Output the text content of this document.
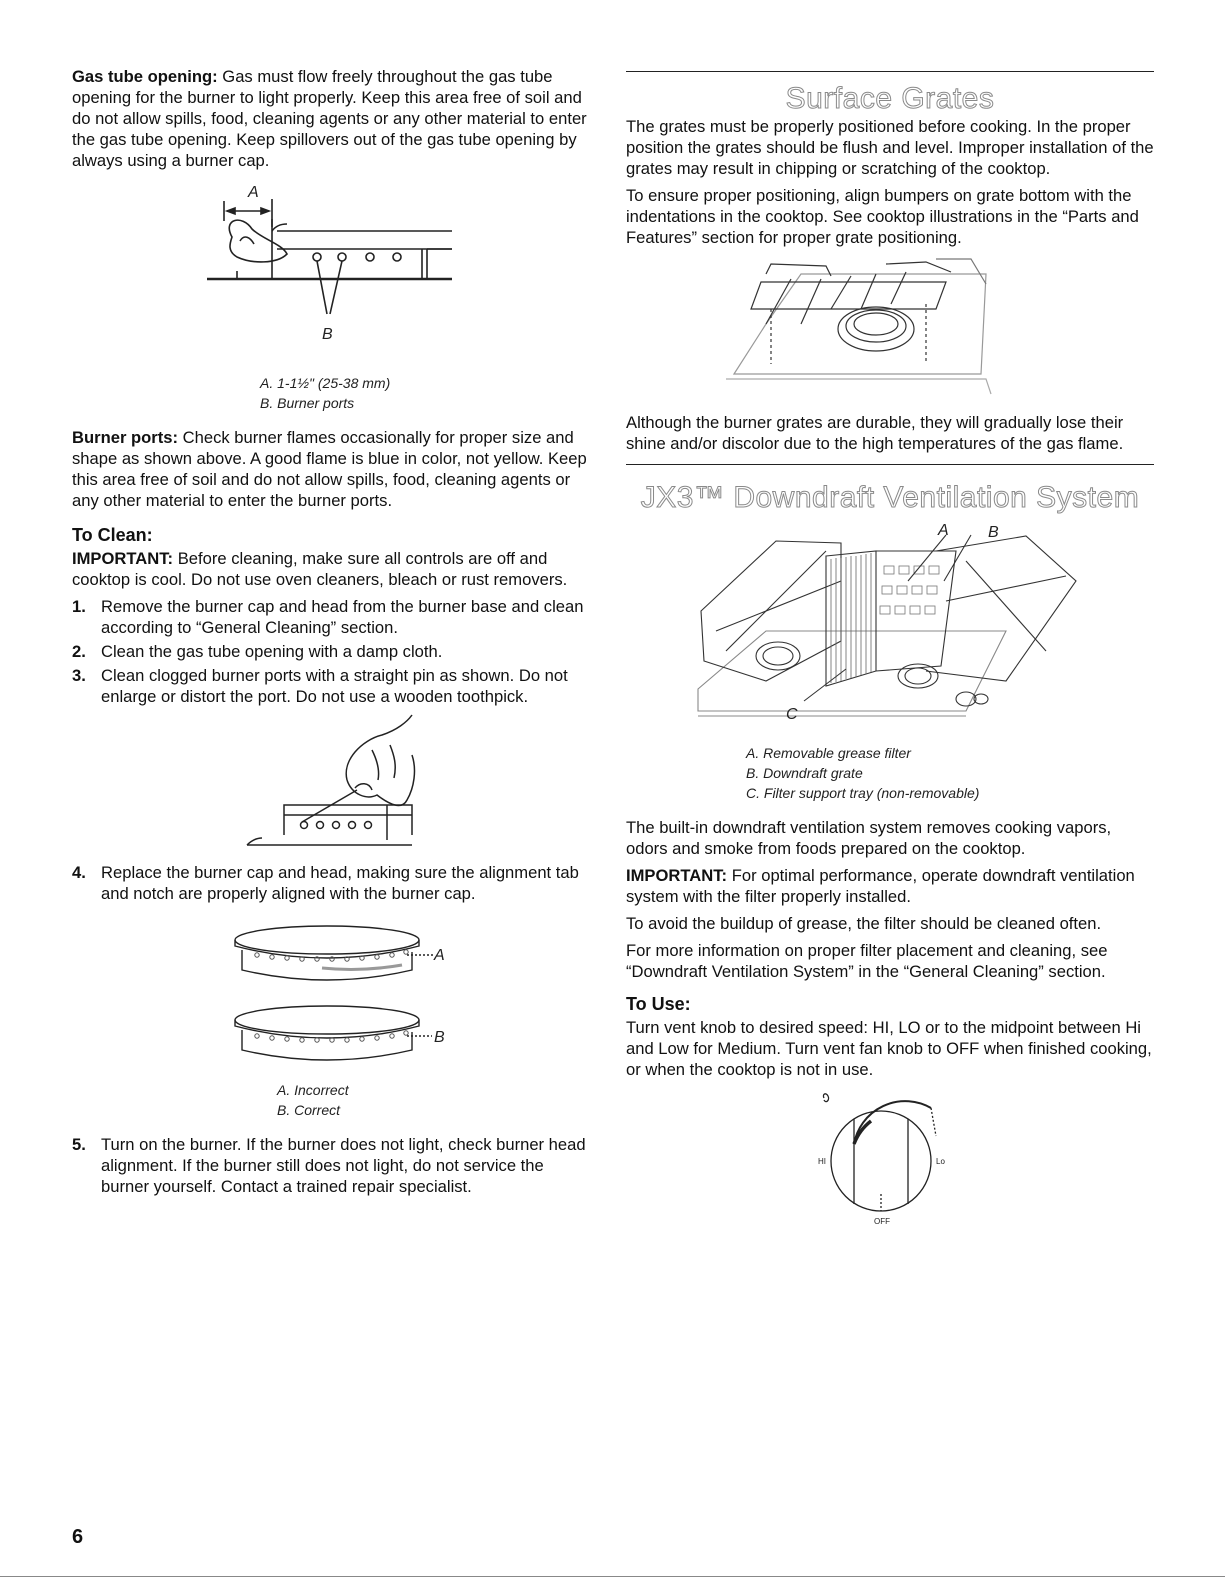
Gas tube opening: Gas must flow freely throughout the gas tube opening for the burner to light properly. Keep this area free of soil and do not allow spills, food, cleaning agents or any other material to enter the gas tube opening. Keep spillovers out of the gas tube opening by always using a burner cap.

A
B
A. 1-1½" (25-38 mm)
B. Burner ports

Burner ports: Check burner flames occasionally for proper size and shape as shown above. A good flame is blue in color, not yellow. Keep this area free of soil and do not allow spills, food, cleaning agents or any other material to enter the burner ports.

To Clean:

IMPORTANT: Before cleaning, make sure all controls are off and cooktop is cool. Do not use oven cleaners, bleach or rust removers.

1. Remove the burner cap and head from the burner base and clean according to “General Cleaning” section.
2. Clean the gas tube opening with a damp cloth.
3. Clean clogged burner ports with a straight pin as shown. Do not enlarge or distort the port. Do not use a wooden toothpick.
4. Replace the burner cap and head, making sure the alignment tab and notch are properly aligned with the burner cap.
A
B
A. Incorrect
B. Correct
5. Turn on the burner. If the burner does not light, check burner head alignment. If the burner still does not light, do not service the burner yourself. Contact a trained repair specialist.
Surface Grates

The grates must be properly positioned before cooking. In the proper position the grates should be flush and level. Improper installation of the grates may result in chipping or scratching of the cooktop.

To ensure proper positioning, align bumpers on grate bottom with the indentations in the cooktop. See cooktop illustrations in the “Parts and Features” section for proper grate positioning.

Although the burner grates are durable, they will gradually lose their shine and/or discolor due to the high temperatures of the gas flame.

JX3™ Downdraft Ventilation System
A B
C
A. Removable grease filter
B. Downdraft grate
C. Filter support tray (non-removable)

The built-in downdraft ventilation system removes cooking vapors, odors and smoke from foods prepared on the cooktop.

IMPORTANT: For optimal performance, operate downdraft ventilation system with the filter properly installed.

To avoid the buildup of grease, the filter should be cleaned often.

For more information on proper filter placement and cleaning, see “Downdraft Ventilation System” in the “General Cleaning” section.

To Use:

Turn vent knob to desired speed: HI, LO or to the midpoint between Hi and Low for Medium. Turn vent fan knob to OFF when finished cooking, or when the cooktop is not in use.

HI	Lo
OFF
6
